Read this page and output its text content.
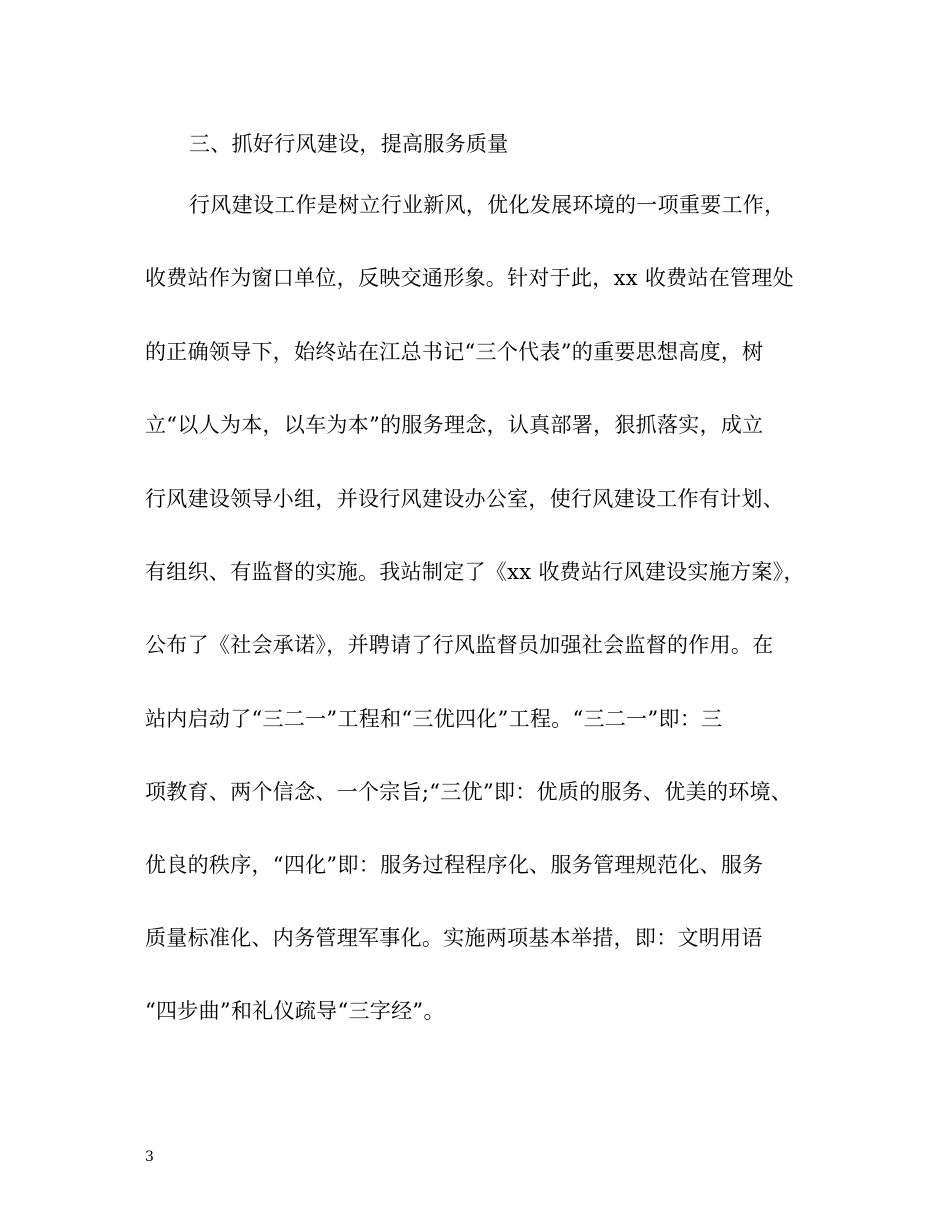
三、抓好行风建设，提高服务质量
行风建设工作是树立行业新风，优化发展环境的一项重要工作，
收费站作为窗口单位，反映交通形象。针对于此，xx 收费站在管理处
的正确领导下，始终站在江总书记“三个代表”的重要思想高度，树
立“以人为本，以车为本”的服务理念，认真部署，狠抓落实，成立
行风建设领导小组，并设行风建设办公室，使行风建设工作有计划、
有组织、有监督的实施。我站制定了《xx 收费站行风建设实施方案》，
公布了《社会承诺》，并聘请了行风监督员加强社会监督的作用。在
站内启动了“三二一”工程和“三优四化”工程。“三二一”即：三
项教育、两个信念、一个宗旨;“三优”即：优质的服务、优美的环境、
优良的秩序，“四化”即：服务过程程序化、服务管理规范化、服务
质量标准化、内务管理军事化。实施两项基本举措，即：文明用语
“四步曲”和礼仪疏导“三字经”。
3
